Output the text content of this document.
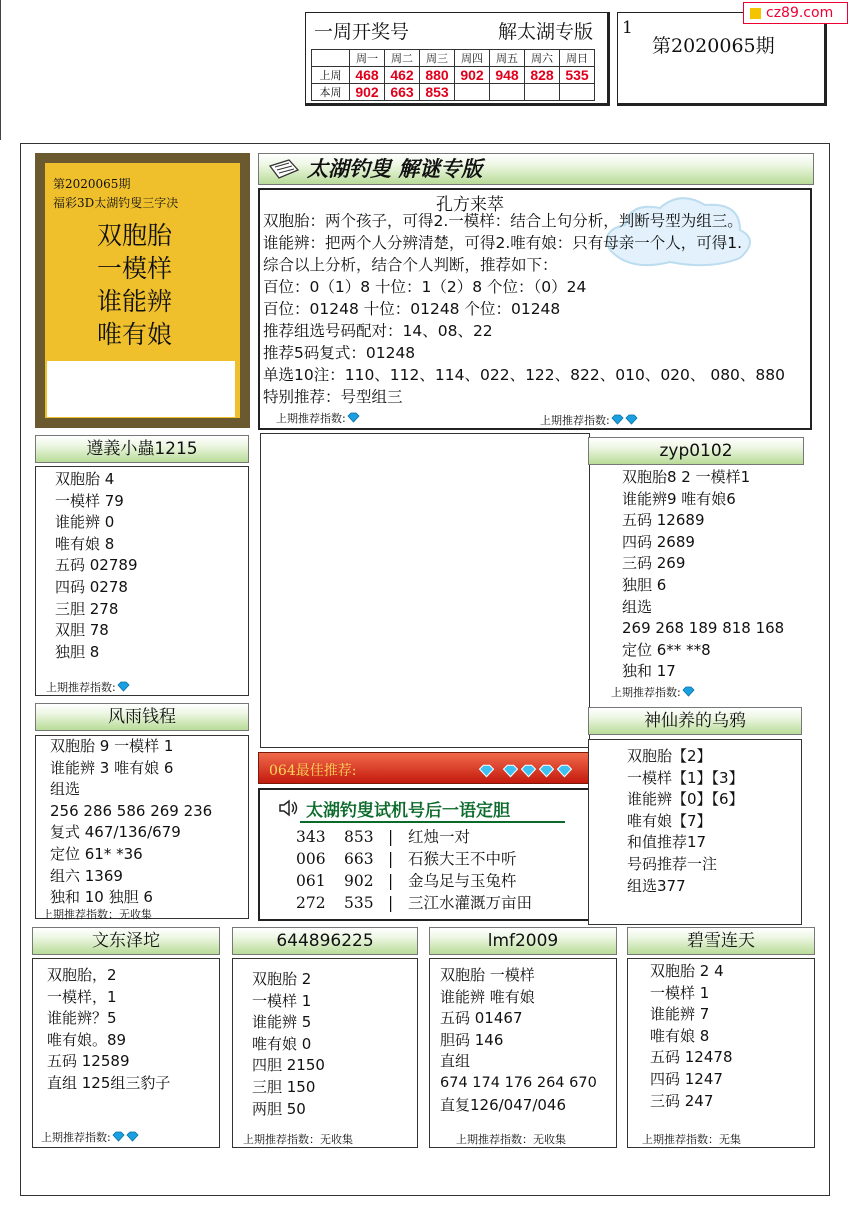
一周开奖号	解太湖专版
	周一	周二	周三	周四	周五	周六	周日
上周	468	462	880	902	948	828	535
本周	902	663	853				
1
第2020065期
cz89.com
第2020065期
福彩3D太湖钓叟三字决
双胞胎
一模样
谁能辨
唯有娘
太湖钓叟 解谜专版
孔方来萃
双胞胎：两个孩子，可得2.一模样：结合上句分析，判断号型为组三。
谁能辨：把两个人分辨清楚，可得2.唯有娘：只有母亲一个人，可得1.
综合以上分析，结合个人判断，推荐如下：
百位：0（1）8 十位：1（2）8 个位：（0）24
百位：01248 十位：01248 个位：01248
推荐组选号码配对：14、08、22
推荐5码复式：01248
单选10注：110、112、114、022、122、822、010、020、 080、880
特别推荐：号型组三
上期推荐指数:	上期推荐指数:
遵義小蟲1215
双胞胎 4
一模样 79
谁能辨 0
唯有娘 8
五码 02789
四码 0278
三胆 278
双胆 78
独胆 8
上期推荐指数:
zyp0102
双胞胎8 2 一模样1
谁能辨9 唯有娘6
五码 12689
四码 2689
三码 269
独胆 6
组选
269 268 189 818 168
定位 6** **8
独和 17
上期推荐指数:
风雨钱程
双胞胎 9 一模样 1
谁能辨 3 唯有娘 6
组选
256 286 586 269 236
复式 467/136/679
定位 61* *36
组六 1369
独和 10 独胆 6
上期推荐指数：无收集
064最佳推荐:
太湖钓叟试机号后一语定胆
343 853 | 红烛一对
006 663 | 石猴大王不中听
061 902 | 金乌足与玉兔杵
272 535 | 三江水灌溉万亩田
神仙养的乌鸦
双胞胎【2】
一模样【1】【3】
谁能辨【0】【6】
唯有娘【7】
和值推荐17
号码推荐一注
组选377
文东泽坨
双胞胎，2
一模样，1
谁能辨？5
唯有娘。89
五码 12589
直组 125组三豹子
上期推荐指数:
644896225
双胞胎 2
一模样 1
谁能辨 5
唯有娘 0
四胆 2150
三胆 150
两胆 50
上期推荐指数：无收集
lmf2009
双胞胎 一模样
谁能辨 唯有娘
五码 01467
胆码 146
直组
674 174 176 264 670
直复126/047/046
上期推荐指数：无收集
碧雪连天
双胞胎 2 4
一模样 1
谁能辨 7
唯有娘 8
五码 12478
四码 1247
三码 247
上期推荐指数：无集
